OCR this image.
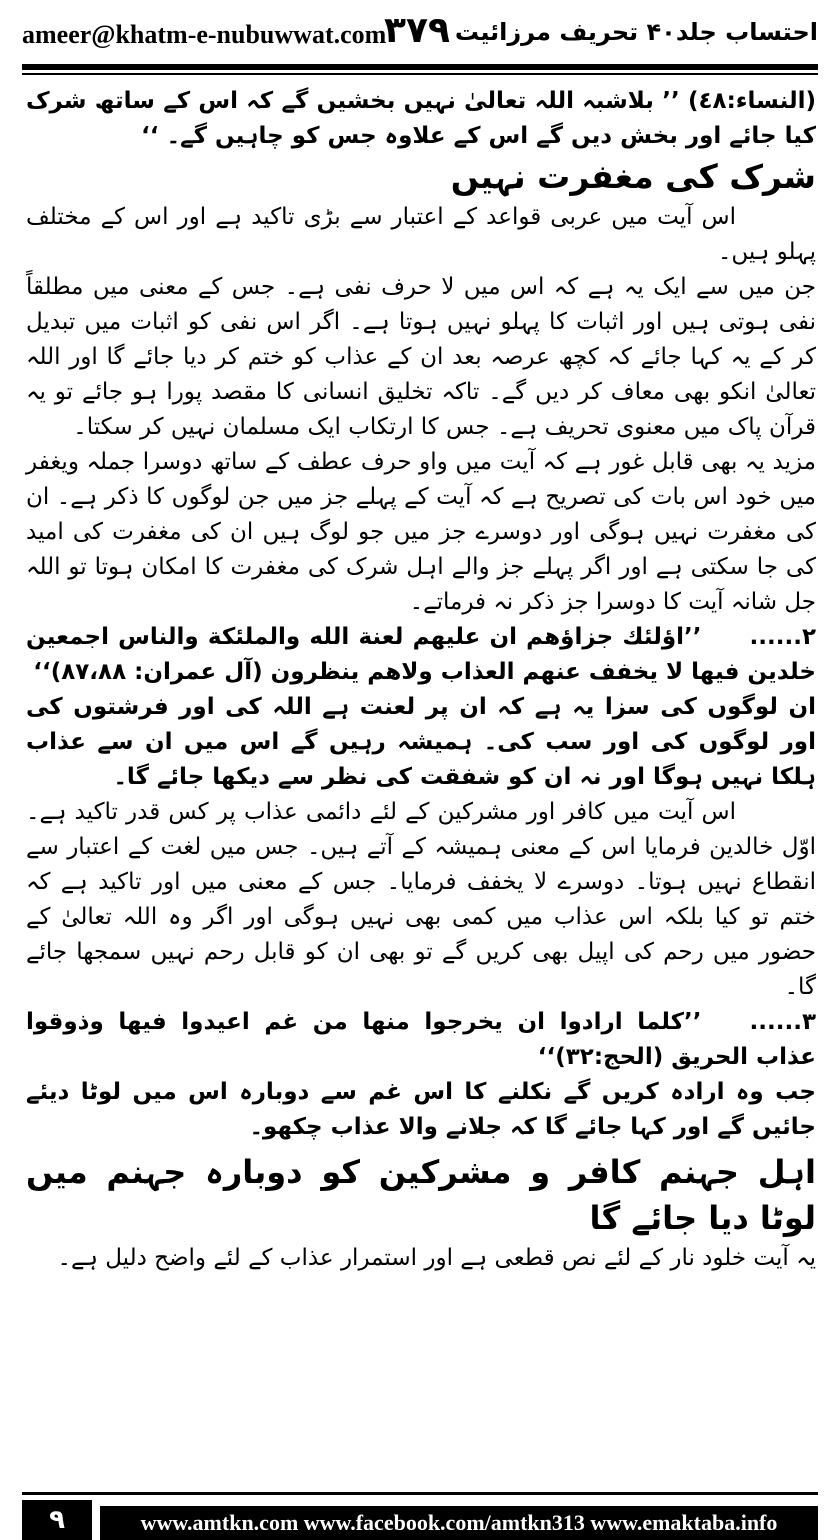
ameer@khatm-e-nubuwwat.com
۳۷۹ احتساب جلد۴۰ تحریف مرزائیت

(النساء:٤٨) ’’ بلاشبہ اللہ تعالیٰ نہیں بخشیں گے کہ اس کے ساتھ شرک کیا جائے اور بخش دیں گے اس کے علاوہ جس کو چاہیں گے۔ ‘‘

شرک کی مغفرت نہیں

اس آیت میں عربی قواعد کے اعتبار سے بڑی تاکید ہے اور اس کے مختلف پہلو ہیں۔

جن میں سے ایک یہ ہے کہ اس میں لا حرف نفی ہے۔ جس کے معنی میں مطلقاً نفی ہوتی ہیں اور اثبات کا پہلو نہیں ہوتا ہے۔ اگر اس نفی کو اثبات میں تبدیل کر کے یہ کہا جائے کہ کچھ عرصہ بعد ان کے عذاب کو ختم کر دیا جائے گا اور اللہ تعالیٰ انکو بھی معاف کر دیں گے۔ تاکہ تخلیق انسانی کا مقصد پورا ہو جائے تو یہ قرآن پاک میں معنوی تحریف ہے۔ جس کا ارتکاب ایک مسلمان نہیں کر سکتا۔

مزید یہ بھی قابل غور ہے کہ آیت میں واو حرف عطف کے ساتھ دوسرا جملہ ویغفر میں خود اس بات کی تصریح ہے کہ آیت کے پہلے جز میں جن لوگوں کا ذکر ہے۔ ان کی مغفرت نہیں ہوگی اور دوسرے جز میں جو لوگ ہیں ان کی مغفرت کی امید کی جا سکتی ہے اور اگر پہلے جز والے اہل شرک کی مغفرت کا امکان ہوتا تو اللہ جل شانہ آیت کا دوسرا جز ذکر نہ فرماتے۔

۲......’’اؤلئك جزاؤهم ان عليهم لعنة الله والملئكة والناس اجمعين خلدين فيها لا يخفف عنهم العذاب ولاهم ينظرون (آل عمران: ٨٧،٨٨)‘‘

ان لوگوں کی سزا یہ ہے کہ ان پر لعنت ہے اللہ کی اور فرشتوں کی اور لوگوں کی اور سب کی۔ ہمیشہ رہیں گے اس میں ان سے عذاب ہلکا نہیں ہوگا اور نہ ان کو شفقت کی نظر سے دیکھا جائے گا۔

اس آیت میں کافر اور مشرکین کے لئے دائمی عذاب پر کس قدر تاکید ہے۔ اوّل خالدین فرمایا اس کے معنی ہمیشہ کے آتے ہیں۔ جس میں لغت کے اعتبار سے انقطاع نہیں ہوتا۔ دوسرے لا یخفف فرمایا۔ جس کے معنی میں اور تاکید ہے کہ ختم تو کیا بلکہ اس عذاب میں کمی بھی نہیں ہوگی اور اگر وہ اللہ تعالیٰ کے حضور میں رحم کی اپیل بھی کریں گے تو بھی ان کو قابل رحم نہیں سمجھا جائے گا۔

۳......’’كلما ارادوا ان يخرجوا منها من غم اعيدوا فيها وذوقوا عذاب الحريق (الحج:٣٢)‘‘

جب وہ ارادہ کریں گے نکلنے کا اس غم سے دوبارہ اس میں لوٹا دیئے جائیں گے اور کہا جائے گا کہ جلانے والا عذاب چکھو۔

اہل جہنم کافر و مشرکین کو دوبارہ جہنم میں لوٹا دیا جائے گا

یہ آیت خلود نار کے لئے نص قطعی ہے اور استمرار عذاب کے لئے واضح دلیل ہے۔

۹	www.amtkn.com www.facebook.com/amtkn313 www.emaktaba.info
